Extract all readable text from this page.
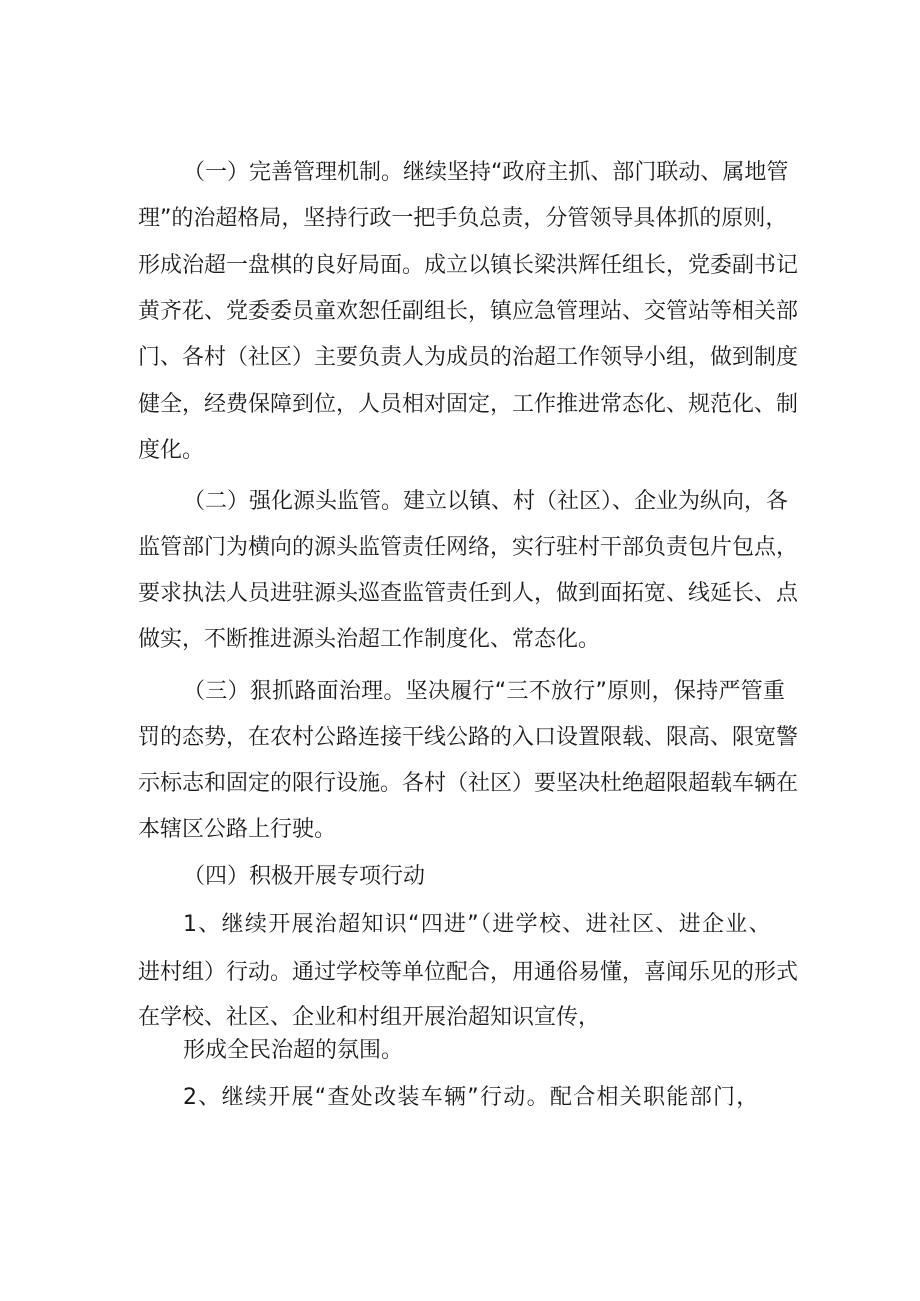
（一）完善管理机制。继续坚持“政府主抓、部门联动、属地管
理”的治超格局，坚持行政一把手负总责，分管领导具体抓的原则，
形成治超一盘棋的良好局面。成立以镇长梁洪辉任组长，党委副书记
黄齐花、党委委员童欢恕任副组长，镇应急管理站、交管站等相关部
门、各村（社区）主要负责人为成员的治超工作领导小组，做到制度
健全，经费保障到位，人员相对固定，工作推进常态化、规范化、制
度化。
（二）强化源头监管。建立以镇、村（社区）、企业为纵向，各
监管部门为横向的源头监管责任网络，实行驻村干部负责包片包点，
要求执法人员进驻源头巡查监管责任到人，做到面拓宽、线延长、点
做实，不断推进源头治超工作制度化、常态化。
（三）狠抓路面治理。坚决履行“三不放行”原则，保持严管重
罚的态势，在农村公路连接干线公路的入口设置限载、限高、限宽警
示标志和固定的限行设施。各村（社区）要坚决杜绝超限超载车辆在
本辖区公路上行驶。
（四）积极开展专项行动
1、继续开展治超知识“四进”（进学校、进社区、进企业、
进村组）行动。通过学校等单位配合，用通俗易懂，喜闻乐见的形式
在学校、社区、企业和村组开展治超知识宣传，
形成全民治超的氛围。
2、继续开展“查处改装车辆”行动。配合相关职能部门，
